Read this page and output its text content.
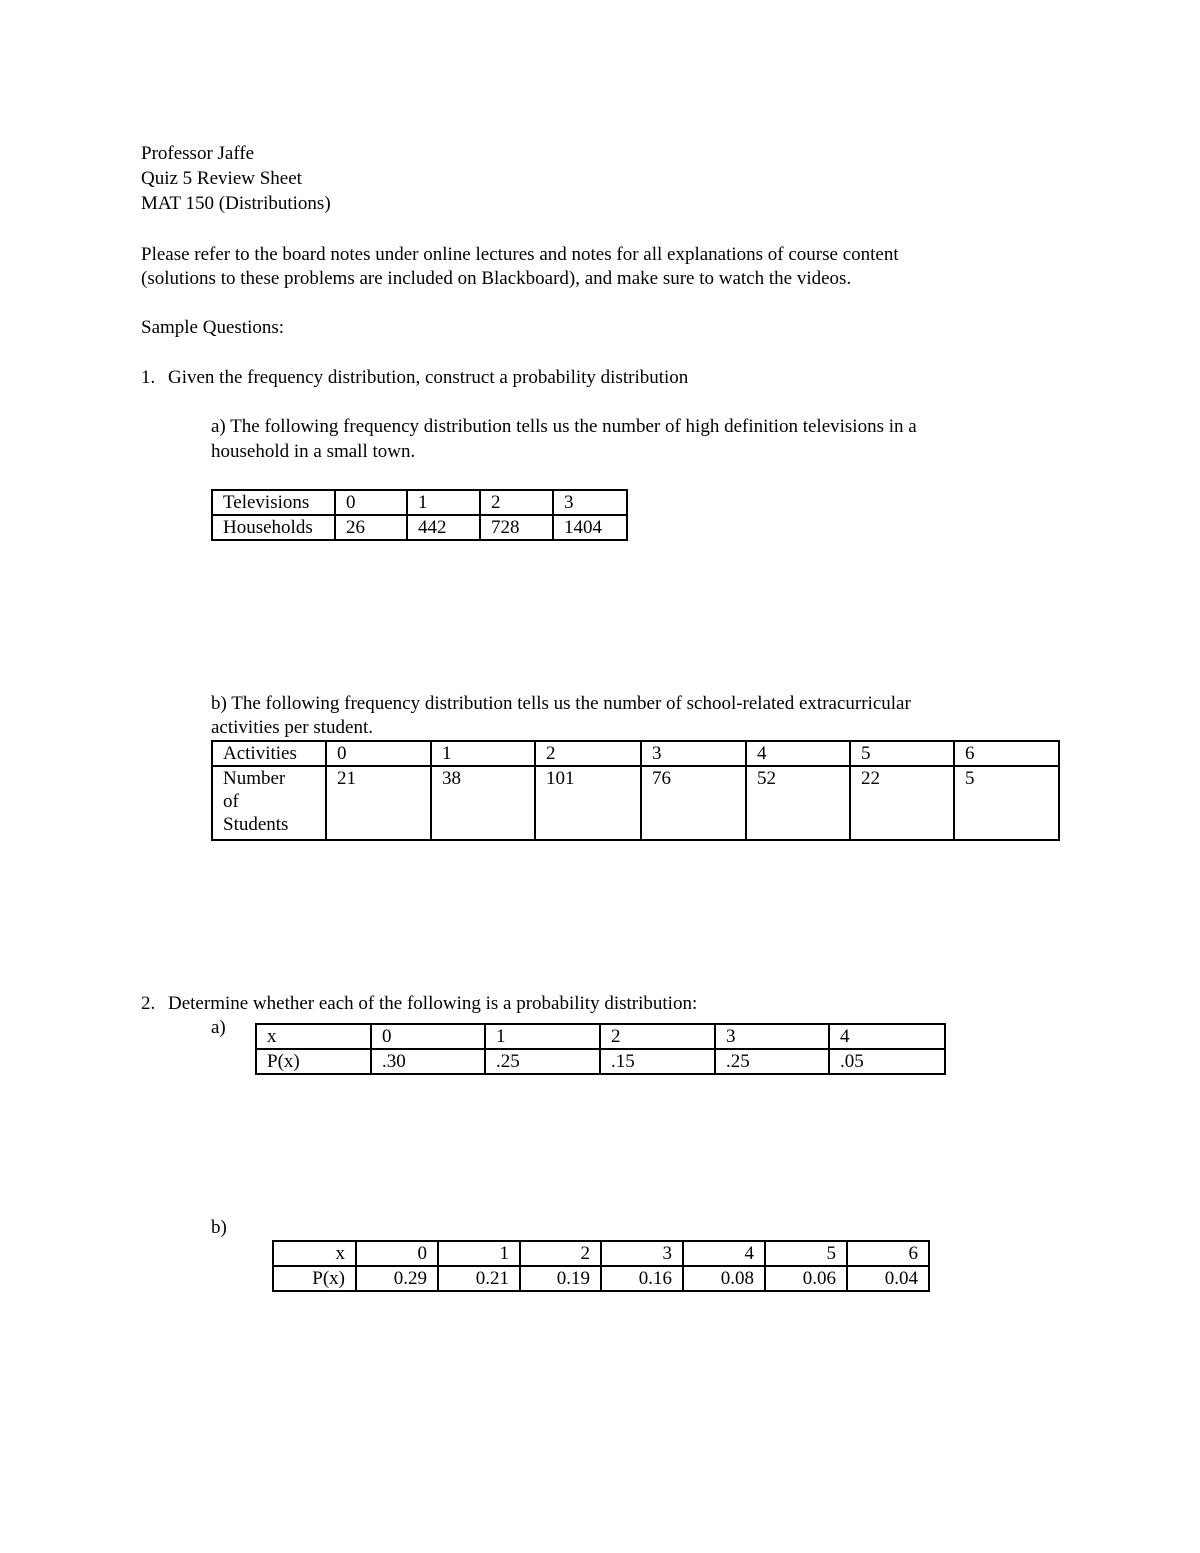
Professor Jaffe
Quiz 5 Review Sheet
MAT 150 (Distributions)
Please refer to the board notes under online lectures and notes for all explanations of course content
(solutions to these problems are included on Blackboard), and make sure to watch the videos.
Sample Questions:
1. Given the frequency distribution, construct a probability distribution
a) The following frequency distribution tells us the number of high definition televisions in a
household in a small town.
Televisions	0	1	2	3
Households	26	442	728	1404
b) The following frequency distribution tells us the number of school-related extracurricular
activities per student.
Activities	0	1	2	3	4	5	6

Number
of
Students	21	38	101	76	52	22	5
2. Determine whether each of the following is a probability distribution:
a) x	0	1	2	3	4
P(x)	.30	.25	.15	.25	.05
b)
x	0	1	2	3	4	5	6
P(x)	0.29	0.21	0.19	0.16	0.08	0.06	0.04
